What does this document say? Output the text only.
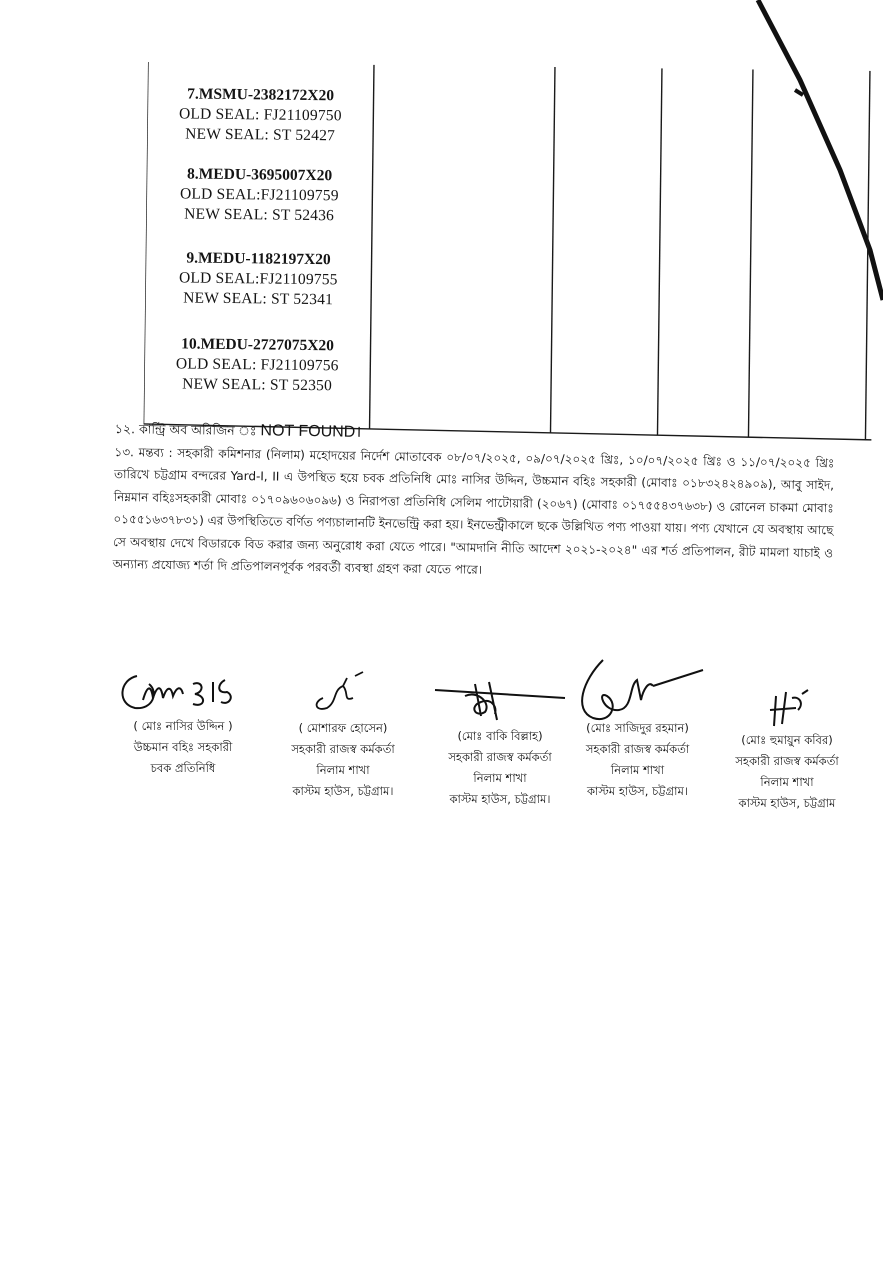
7.MSMU-2382172X20
OLD SEAL: FJ21109750
NEW SEAL: ST 52427
8.MEDU-3695007X20
OLD SEAL:FJ21109759
NEW SEAL: ST 52436
9.MEDU-1182197X20
OLD SEAL:FJ21109755
NEW SEAL: ST 52341
10.MEDU-2727075X20
OLD SEAL: FJ21109756
NEW SEAL: ST 52350
১২. কান্ট্রি অব অরিজিন ঃ NOT FOUND।
১৩. মন্তব্য : সহকারী কমিশনার (নিলাম) মহোদয়ের নির্দেশ মোতাবেক ০৮/০৭/২০২৫, ০৯/০৭/২০২৫ খ্রিঃ, ১০/০৭/২০২৫ খ্রিঃ ও ১১/০৭/২০২৫ খ্রিঃ তারিখে চট্টগ্রাম বন্দরের Yard-I, II এ উপস্থিত হয়ে চবক প্রতিনিধি মোঃ নাসির উদ্দিন, উচ্চমান বহিঃ সহকারী (মোবাঃ ০১৮৩২৪২৪৯০৯), আবু সাইদ, নিম্নমান বহিঃসহকারী মোবাঃ ০১৭০৯৬০৬০৯৬) ও নিরাপত্তা প্রতিনিধি সেলিম পাটোয়ারী (২০৬৭) (মোবাঃ ০১৭৫৫৪৩৭৬৩৮) ও রোনেল চাকমা মোবাঃ ০১৫৫১৬৩৭৮৩১) এর উপস্থিতিতে বর্ণিত পণ্যচালানটি ইনভেন্ট্রি করা হয়। ইনভেন্ট্রীকালে ছকে উল্লিখিত পণ্য পাওয়া যায়। পণ্য যেখানে যে অবস্থায় আছে সে অবস্থায় দেখে বিডারকে বিড করার জন্য অনুরোধ করা যেতে পারে। "আমদানি নীতি আদেশ ২০২১-২০২৪" এর শর্ত প্রতিপালন, রীট মামলা যাচাই ও অন্যান্য প্রযোজ্য শর্তা দি প্রতিপালনপূর্বক পরবর্তী ব্যবস্থা গ্রহণ করা যেতে পারে।
Nasir 3/8
( মোঃ নাসির উদ্দিন )
উচ্চমান বহিঃ সহকারী
চবক প্রতিনিধি
( মোশারফ হোসেন)
সহকারী রাজস্ব কর্মকর্তা
নিলাম শাখা
কাস্টম হাউস, চট্টগ্রাম।
(মোঃ বাকি বিল্লাহ)
সহকারী রাজস্ব কর্মকর্তা
নিলাম শাখা
কাস্টম হাউস, চট্টগ্রাম।
(মোঃ সাজিদুর রহমান)
সহকারী রাজস্ব কর্মকর্তা
নিলাম শাখা
কাস্টম হাউস, চট্টগ্রাম।
(মোঃ হুমায়ুন কবির)
সহকারী রাজস্ব কর্মকর্তা
নিলাম শাখা
কাস্টম হাউস, চট্টগ্রাম
